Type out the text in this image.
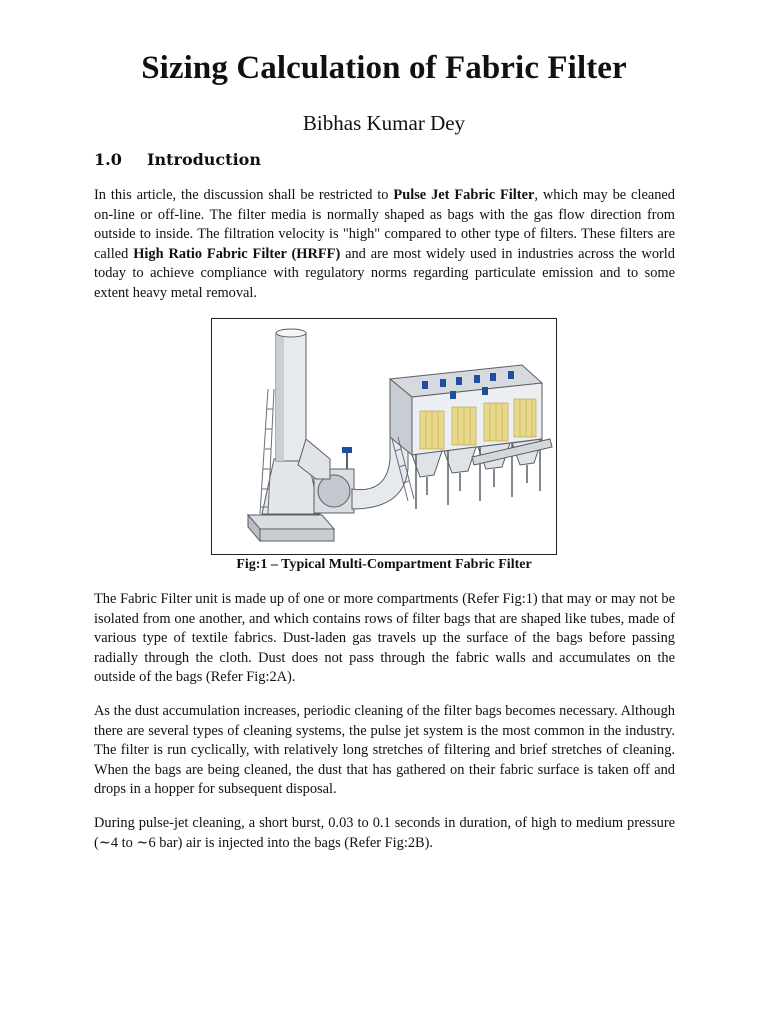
Sizing Calculation of Fabric Filter
Bibhas Kumar Dey
1.0 Introduction

In this article, the discussion shall be restricted to Pulse Jet Fabric Filter, which may be cleaned on-line or off-line. The filter media is normally shaped as bags with the gas flow direction from outside to inside. The filtration velocity is "high" compared to other type of filters. These filters are called High Ratio Fabric Filter (HRFF) and are most widely used in industries across the world today to achieve compliance with regulatory norms regarding particulate emission and to some extent heavy metal removal.

Fig:1 – Typical Multi-Compartment Fabric Filter

The Fabric Filter unit is made up of one or more compartments (Refer Fig:1) that may or may not be isolated from one another, and which contains rows of filter bags that are shaped like tubes, made of various type of textile fabrics. Dust-laden gas travels up the surface of the bags before passing radially through the cloth. Dust does not pass through the fabric walls and accumulates on the outside of the bags (Refer Fig:2A).

As the dust accumulation increases, periodic cleaning of the filter bags becomes necessary. Although there are several types of cleaning systems, the pulse jet system is the most common in the industry. The filter is run cyclically, with relatively long stretches of filtering and brief stretches of cleaning. When the bags are being cleaned, the dust that has gathered on their fabric surface is taken off and drops in a hopper for subsequent disposal.

During pulse-jet cleaning, a short burst, 0.03 to 0.1 seconds in duration, of high to medium pressure (∼4 to ∼6 bar) air is injected into the bags (Refer Fig:2B).
